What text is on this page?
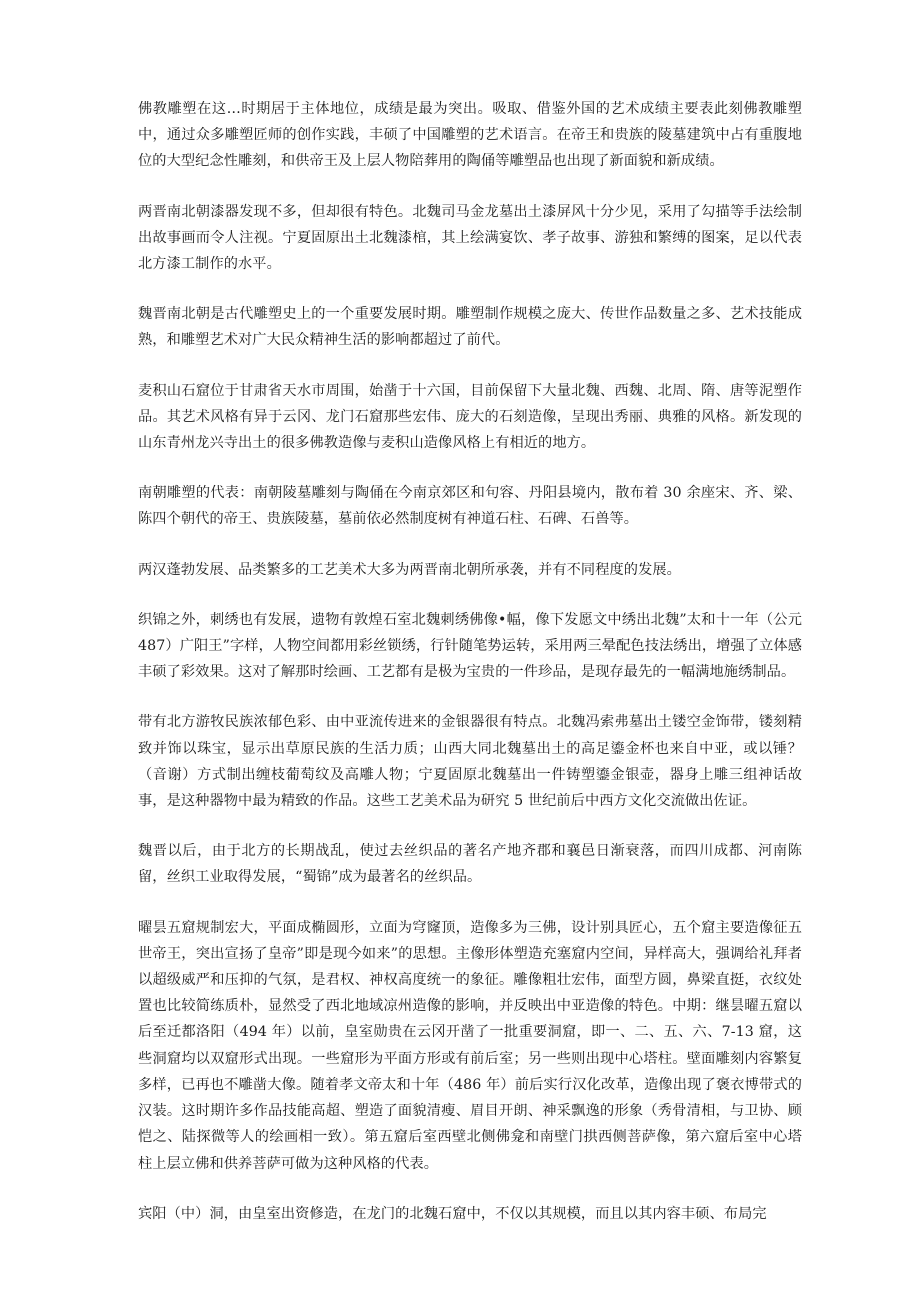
佛教雕塑在这…时期居于主体地位，成绩是最为突出。吸取、借鉴外国的艺术成绩主要表此刻佛教雕塑中，通过众多雕塑匠师的创作实践，丰硕了中国雕塑的艺术语言。在帝王和贵族的陵墓建筑中占有重腹地位的大型纪念性雕刻，和供帝王及上层人物陪葬用的陶俑等雕塑品也出现了新面貌和新成绩。

两晋南北朝漆器发现不多，但却很有特色。北魏司马金龙墓出土漆屏风十分少见，采用了勾描等手法绘制出故事画而令人注视。宁夏固原出土北魏漆棺，其上绘满宴饮、孝子故事、游独和繁缚的图案，足以代表北方漆工制作的水平。

魏晋南北朝是古代雕塑史上的一个重要发展时期。雕塑制作规模之庞大、传世作品数量之多、艺术技能成熟，和雕塑艺术对广大民众精神生活的影响都超过了前代。

麦积山石窟位于甘肃省天水市周围，始凿于十六国，目前保留下大量北魏、西魏、北周、隋、唐等泥塑作品。其艺术风格有异于云冈、龙门石窟那些宏伟、庞大的石刻造像，呈现出秀丽、典雅的风格。新发现的山东青州龙兴寺出土的很多佛教造像与麦积山造像风格上有相近的地方。

南朝雕塑的代表：南朝陵墓雕刻与陶俑在今南京郊区和句容、丹阳县境内，散布着 30 余座宋、齐、梁、陈四个朝代的帝王、贵族陵墓，墓前依必然制度树有神道石柱、石碑、石兽等。

两汉蓬勃发展、品类繁多的工艺美术大多为两晋南北朝所承袭，并有不同程度的发展。

织锦之外，刺绣也有发展，遗物有敦煌石室北魏刺绣佛像•幅，像下发愿文中绣出北魏”太和十一年（公元 487）广阳王”字样，人物空间都用彩丝锁绣，行针随笔势运转，采用两三晕配色技法绣出，增强了立体感丰硕了彩效果。这对了解那时绘画、工艺都有是极为宝贵的一件珍品，是现存最先的一幅满地施绣制品。

带有北方游牧民族浓郁色彩、由中亚流传进来的金银器很有特点。北魏冯索弗墓出土镂空金饰带，镂刻精致并饰以珠宝，显示出草原民族的生活力质；山西大同北魏墓出土的高足鎏金杯也来自中亚，或以锤？（音谢）方式制出缠枝葡萄纹及高雕人物；宁夏固原北魏墓出一件铸塑鎏金银壶，器身上雕三组神话故事，是这种器物中最为精致的作品。这些工艺美术品为研究 5 世纪前后中西方文化交流做出佐证。

魏晋以后，由于北方的长期战乱，使过去丝织品的著名产地齐郡和襄邑日渐衰落，而四川成都、河南陈留，丝织工业取得发展，“蜀锦”成为最著名的丝织品。

曜昙五窟规制宏大，平面成椭圆形，立面为穹窿顶，造像多为三佛，设计别具匠心，五个窟主要造像征五世帝王，突出宣扬了皇帝”即是现今如来”的思想。主像形体塑造充塞窟内空间，异样高大，强调给礼拜者以超级威严和压抑的气氛，是君权、神权高度统一的象征。雕像粗壮宏伟，面型方圆，鼻梁直挺，衣纹处置也比较简练质朴，显然受了西北地域凉州造像的影响，并反映出中亚造像的特色。中期：继昙曜五窟以后至迁都洛阳（494 年）以前，皇室勋贵在云冈开凿了一批重要洞窟，即一、二、五、六、7-13 窟，这些洞窟均以双窟形式出现。一些窟形为平面方形或有前后室；另一些则出现中心塔柱。壁面雕刻内容繁复多样，已再也不雕凿大像。随着孝文帝太和十年（486 年）前后实行汉化改革，造像出现了褒衣博带式的汉装。这时期许多作品技能高超、塑造了面貌清瘦、眉目开朗、神采飘逸的形象（秀骨清相，与卫协、顾恺之、陆探微等人的绘画相一致）。第五窟后室西壁北侧佛龛和南壁门拱西侧菩萨像，第六窟后室中心塔柱上层立佛和供养菩萨可做为这种风格的代表。

宾阳（中）洞，由皇室出资修造，在龙门的北魏石窟中，不仅以其规模，而且以其内容丰硕、布局完
